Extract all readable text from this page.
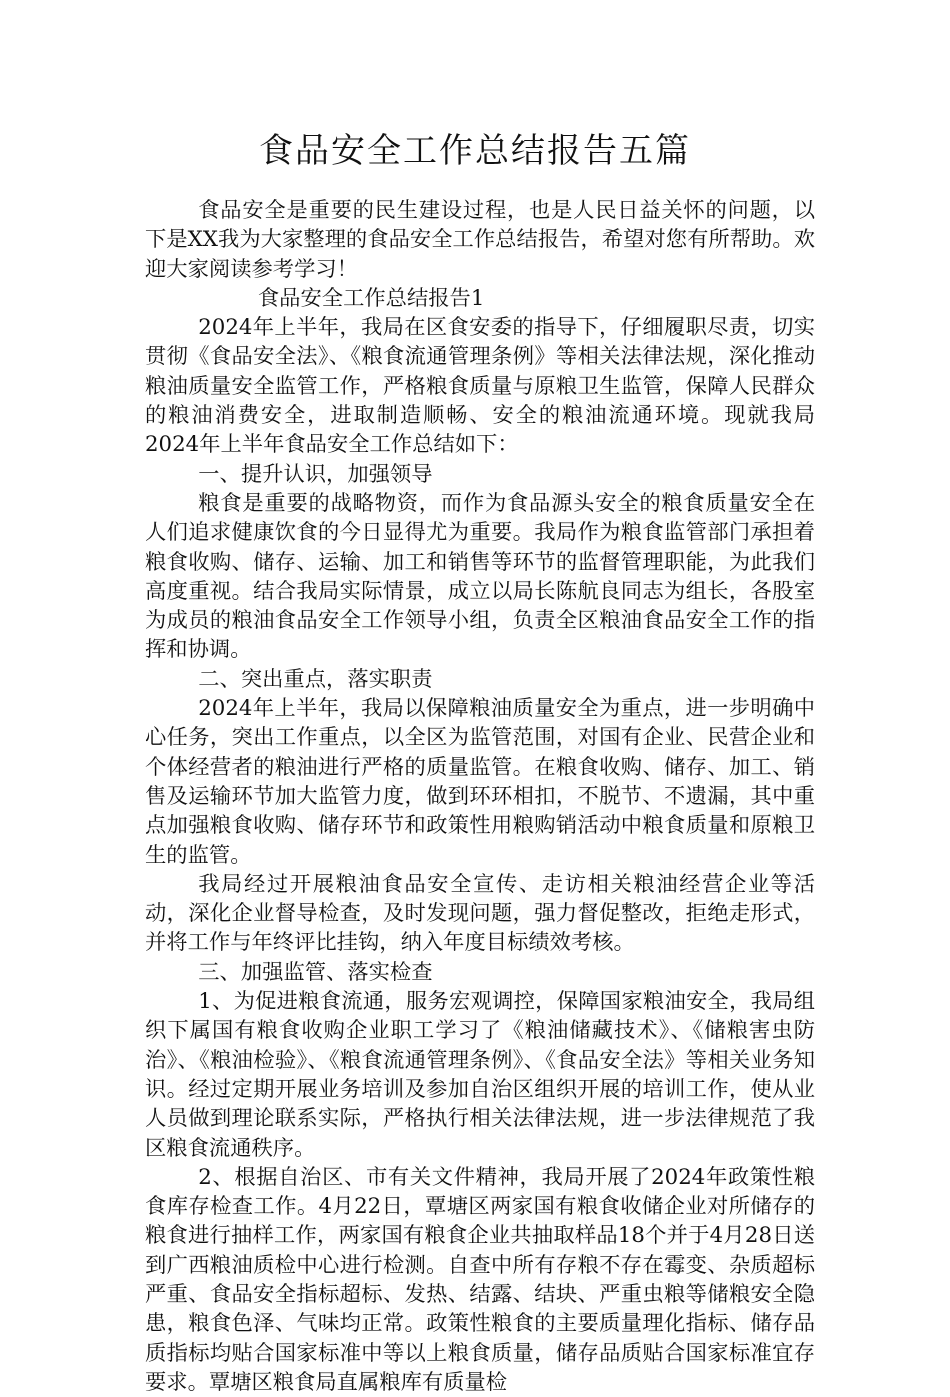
食品安全工作总结报告五篇

食品安全是重要的民生建设过程，也是人民日益关怀的问题，以下是XX我为大家整理的食品安全工作总结报告，希望对您有所帮助。欢迎大家阅读参考学习！

食品安全工作总结报告1

2024年上半年，我局在区食安委的指导下，仔细履职尽责，切实贯彻《食品安全法》、《粮食流通管理条例》等相关法律法规，深化推动粮油质量安全监管工作，严格粮食质量与原粮卫生监管，保障人民群众的粮油消费安全，进取制造顺畅、安全的粮油流通环境。现就我局2024年上半年食品安全工作总结如下：

一、提升认识，加强领导

粮食是重要的战略物资，而作为食品源头安全的粮食质量安全在人们追求健康饮食的今日显得尤为重要。我局作为粮食监管部门承担着粮食收购、储存、运输、加工和销售等环节的监督管理职能，为此我们高度重视。结合我局实际情景，成立以局长陈航良同志为组长，各股室为成员的粮油食品安全工作领导小组，负责全区粮油食品安全工作的指挥和协调。

二、突出重点，落实职责

2024年上半年，我局以保障粮油质量安全为重点，进一步明确中心任务，突出工作重点，以全区为监管范围，对国有企业、民营企业和个体经营者的粮油进行严格的质量监管。在粮食收购、储存、加工、销售及运输环节加大监管力度，做到环环相扣，不脱节、不遗漏，其中重点加强粮食收购、储存环节和政策性用粮购销活动中粮食质量和原粮卫生的监管。

我局经过开展粮油食品安全宣传、走访相关粮油经营企业等活动，深化企业督导检查，及时发现问题，强力督促整改，拒绝走形式，并将工作与年终评比挂钩，纳入年度目标绩效考核。

三、加强监管、落实检查

1、为促进粮食流通，服务宏观调控，保障国家粮油安全，我局组织下属国有粮食收购企业职工学习了《粮油储藏技术》、《储粮害虫防治》、《粮油检验》、《粮食流通管理条例》、《食品安全法》等相关业务知识。经过定期开展业务培训及参加自治区组织开展的培训工作，使从业人员做到理论联系实际，严格执行相关法律法规，进一步法律规范了我区粮食流通秩序。

2、根据自治区、市有关文件精神，我局开展了2024年政策性粮食库存检查工作。4月22日，覃塘区两家国有粮食收储企业对所储存的粮食进行抽样工作，两家国有粮食企业共抽取样品18个并于4月28日送到广西粮油质检中心进行检测。自查中所有存粮不存在霉变、杂质超标严重、食品安全指标超标、发热、结露、结块、严重虫粮等储粮安全隐患，粮食色泽、气味均正常。政策性粮食的主要质量理化指标、储存品质指标均贴合国家标准中等以上粮食质量，储存品质贴合国家标准宜存要求。覃塘区粮食局直属粮库有质量检
